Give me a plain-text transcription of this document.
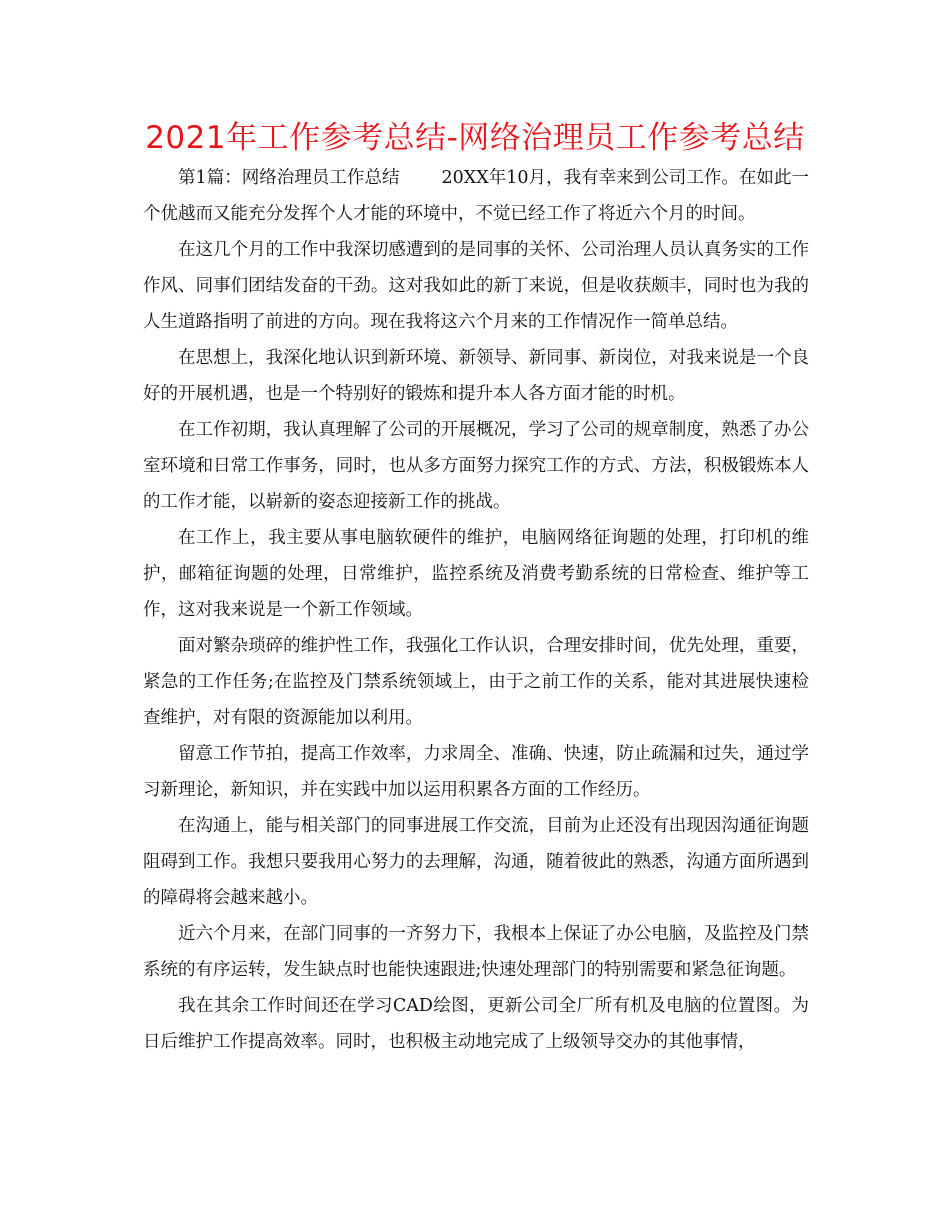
2021年工作参考总结-网络治理员工作参考总结

第1篇：网络治理员工作总结 20XX年10月，我有幸来到公司工作。在如此一个优越而又能充分发挥个人才能的环境中，不觉已经工作了将近六个月的时间。

在这几个月的工作中我深切感遭到的是同事的关怀、公司治理人员认真务实的工作作风、同事们团结发奋的干劲。这对我如此的新丁来说，但是收获颇丰，同时也为我的人生道路指明了前进的方向。现在我将这六个月来的工作情况作一简单总结。

在思想上，我深化地认识到新环境、新领导、新同事、新岗位，对我来说是一个良好的开展机遇，也是一个特别好的锻炼和提升本人各方面才能的时机。

在工作初期，我认真理解了公司的开展概况，学习了公司的规章制度，熟悉了办公室环境和日常工作事务，同时，也从多方面努力探究工作的方式、方法，积极锻炼本人的工作才能，以崭新的姿态迎接新工作的挑战。

在工作上，我主要从事电脑软硬件的维护，电脑网络征询题的处理，打印机的维护，邮箱征询题的处理，日常维护，监控系统及消费考勤系统的日常检查、维护等工作，这对我来说是一个新工作领域。

面对繁杂琐碎的维护性工作，我强化工作认识，合理安排时间，优先处理，重要，紧急的工作任务;在监控及门禁系统领域上，由于之前工作的关系，能对其进展快速检查维护，对有限的资源能加以利用。

留意工作节拍，提高工作效率，力求周全、准确、快速，防止疏漏和过失，通过学习新理论，新知识，并在实践中加以运用积累各方面的工作经历。

在沟通上，能与相关部门的同事进展工作交流，目前为止还没有出现因沟通征询题阻碍到工作。我想只要我用心努力的去理解，沟通，随着彼此的熟悉，沟通方面所遇到的障碍将会越来越小。

近六个月来，在部门同事的一齐努力下，我根本上保证了办公电脑，及监控及门禁系统的有序运转，发生缺点时也能快速跟进;快速处理部门的特别需要和紧急征询题。

我在其余工作时间还在学习CAD绘图，更新公司全厂所有机及电脑的位置图。为日后维护工作提高效率。同时，也积极主动地完成了上级领导交办的其他事情，
